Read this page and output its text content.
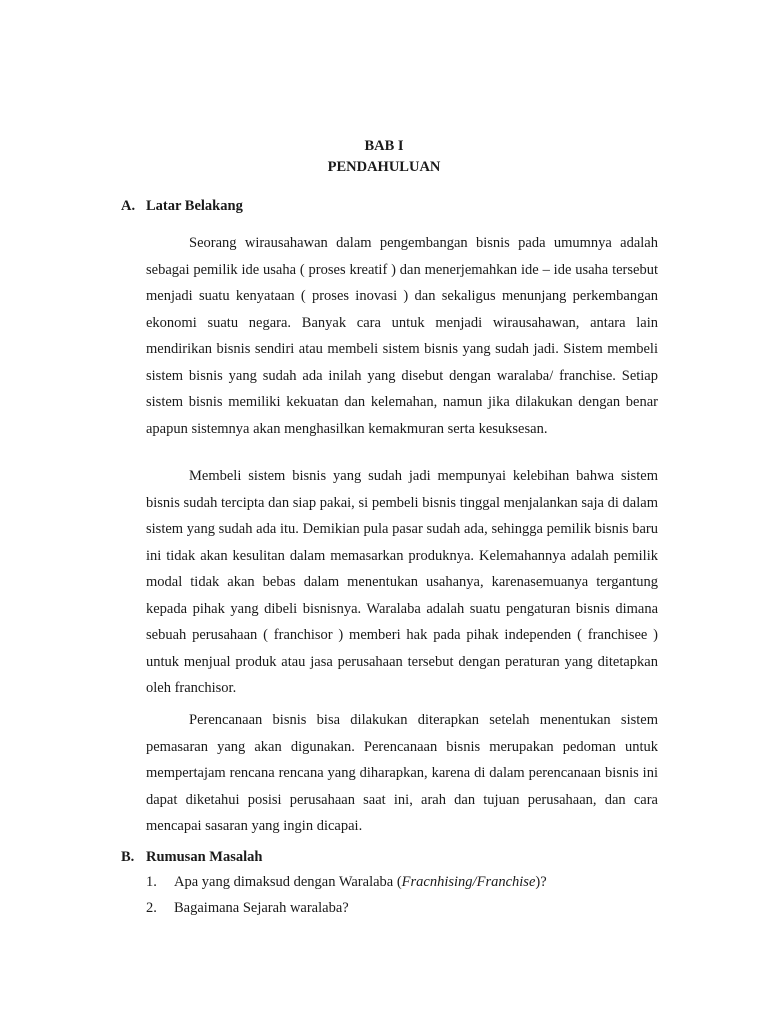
BAB I
PENDAHULUAN
A. Latar Belakang

Seorang wirausahawan dalam pengembangan bisnis pada umumnya adalah sebagai pemilik ide usaha ( proses kreatif ) dan menerjemahkan ide – ide usaha tersebut menjadi suatu kenyataan ( proses inovasi ) dan sekaligus menunjang perkembangan ekonomi suatu negara. Banyak cara untuk menjadi wirausahawan, antara lain mendirikan bisnis sendiri atau membeli sistem bisnis yang sudah jadi. Sistem membeli sistem bisnis yang sudah ada inilah yang disebut dengan waralaba/ franchise. Setiap sistem bisnis memiliki kekuatan dan kelemahan, namun jika dilakukan dengan benar apapun sistemnya akan menghasilkan kemakmuran serta kesuksesan.

Membeli sistem bisnis yang sudah jadi mempunyai kelebihan bahwa sistem bisnis sudah tercipta dan siap pakai, si pembeli bisnis tinggal menjalankan saja di dalam sistem yang sudah ada itu. Demikian pula pasar sudah ada, sehingga pemilik bisnis baru ini tidak akan kesulitan dalam memasarkan produknya. Kelemahannya adalah pemilik modal tidak akan bebas dalam menentukan usahanya, karenasemuanya tergantung kepada pihak yang dibeli bisnisnya. Waralaba adalah suatu pengaturan bisnis dimana sebuah perusahaan ( franchisor ) memberi hak pada pihak independen ( franchisee ) untuk menjual produk atau jasa perusahaan tersebut dengan peraturan yang ditetapkan oleh franchisor.

Perencanaan bisnis bisa dilakukan diterapkan setelah menentukan sistem pemasaran yang akan digunakan. Perencanaan bisnis merupakan pedoman untuk mempertajam rencana rencana yang diharapkan, karena di dalam perencanaan bisnis ini dapat diketahui posisi perusahaan saat ini, arah dan tujuan perusahaan, dan cara mencapai sasaran yang ingin dicapai.

B. Rumusan Masalah
1. Apa yang dimaksud dengan Waralaba (Fracnhising/Franchise)?
2. Bagaimana Sejarah waralaba?
